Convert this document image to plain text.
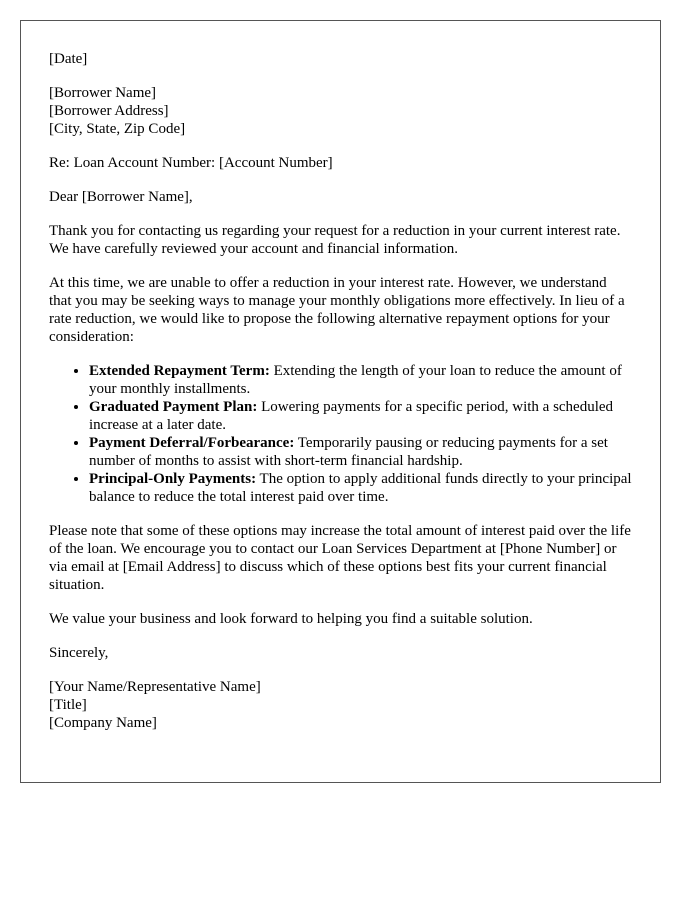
[Date]

[Borrower Name]
[Borrower Address]
[City, State, Zip Code]

Re: Loan Account Number: [Account Number]

Dear [Borrower Name],

Thank you for contacting us regarding your request for a reduction in your current interest rate. We have carefully reviewed your account and financial information.

At this time, we are unable to offer a reduction in your interest rate. However, we understand that you may be seeking ways to manage your monthly obligations more effectively. In lieu of a rate reduction, we would like to propose the following alternative repayment options for your consideration:

• Extended Repayment Term: Extending the length of your loan to reduce the amount of your monthly installments.
• Graduated Payment Plan: Lowering payments for a specific period, with a scheduled increase at a later date.
• Payment Deferral/Forbearance: Temporarily pausing or reducing payments for a set number of months to assist with short-term financial hardship.
• Principal-Only Payments: The option to apply additional funds directly to your principal balance to reduce the total interest paid over time.

Please note that some of these options may increase the total amount of interest paid over the life of the loan. We encourage you to contact our Loan Services Department at [Phone Number] or via email at [Email Address] to discuss which of these options best fits your current financial situation.

We value your business and look forward to helping you find a suitable solution.

Sincerely,

[Your Name/Representative Name]
[Title]
[Company Name]
